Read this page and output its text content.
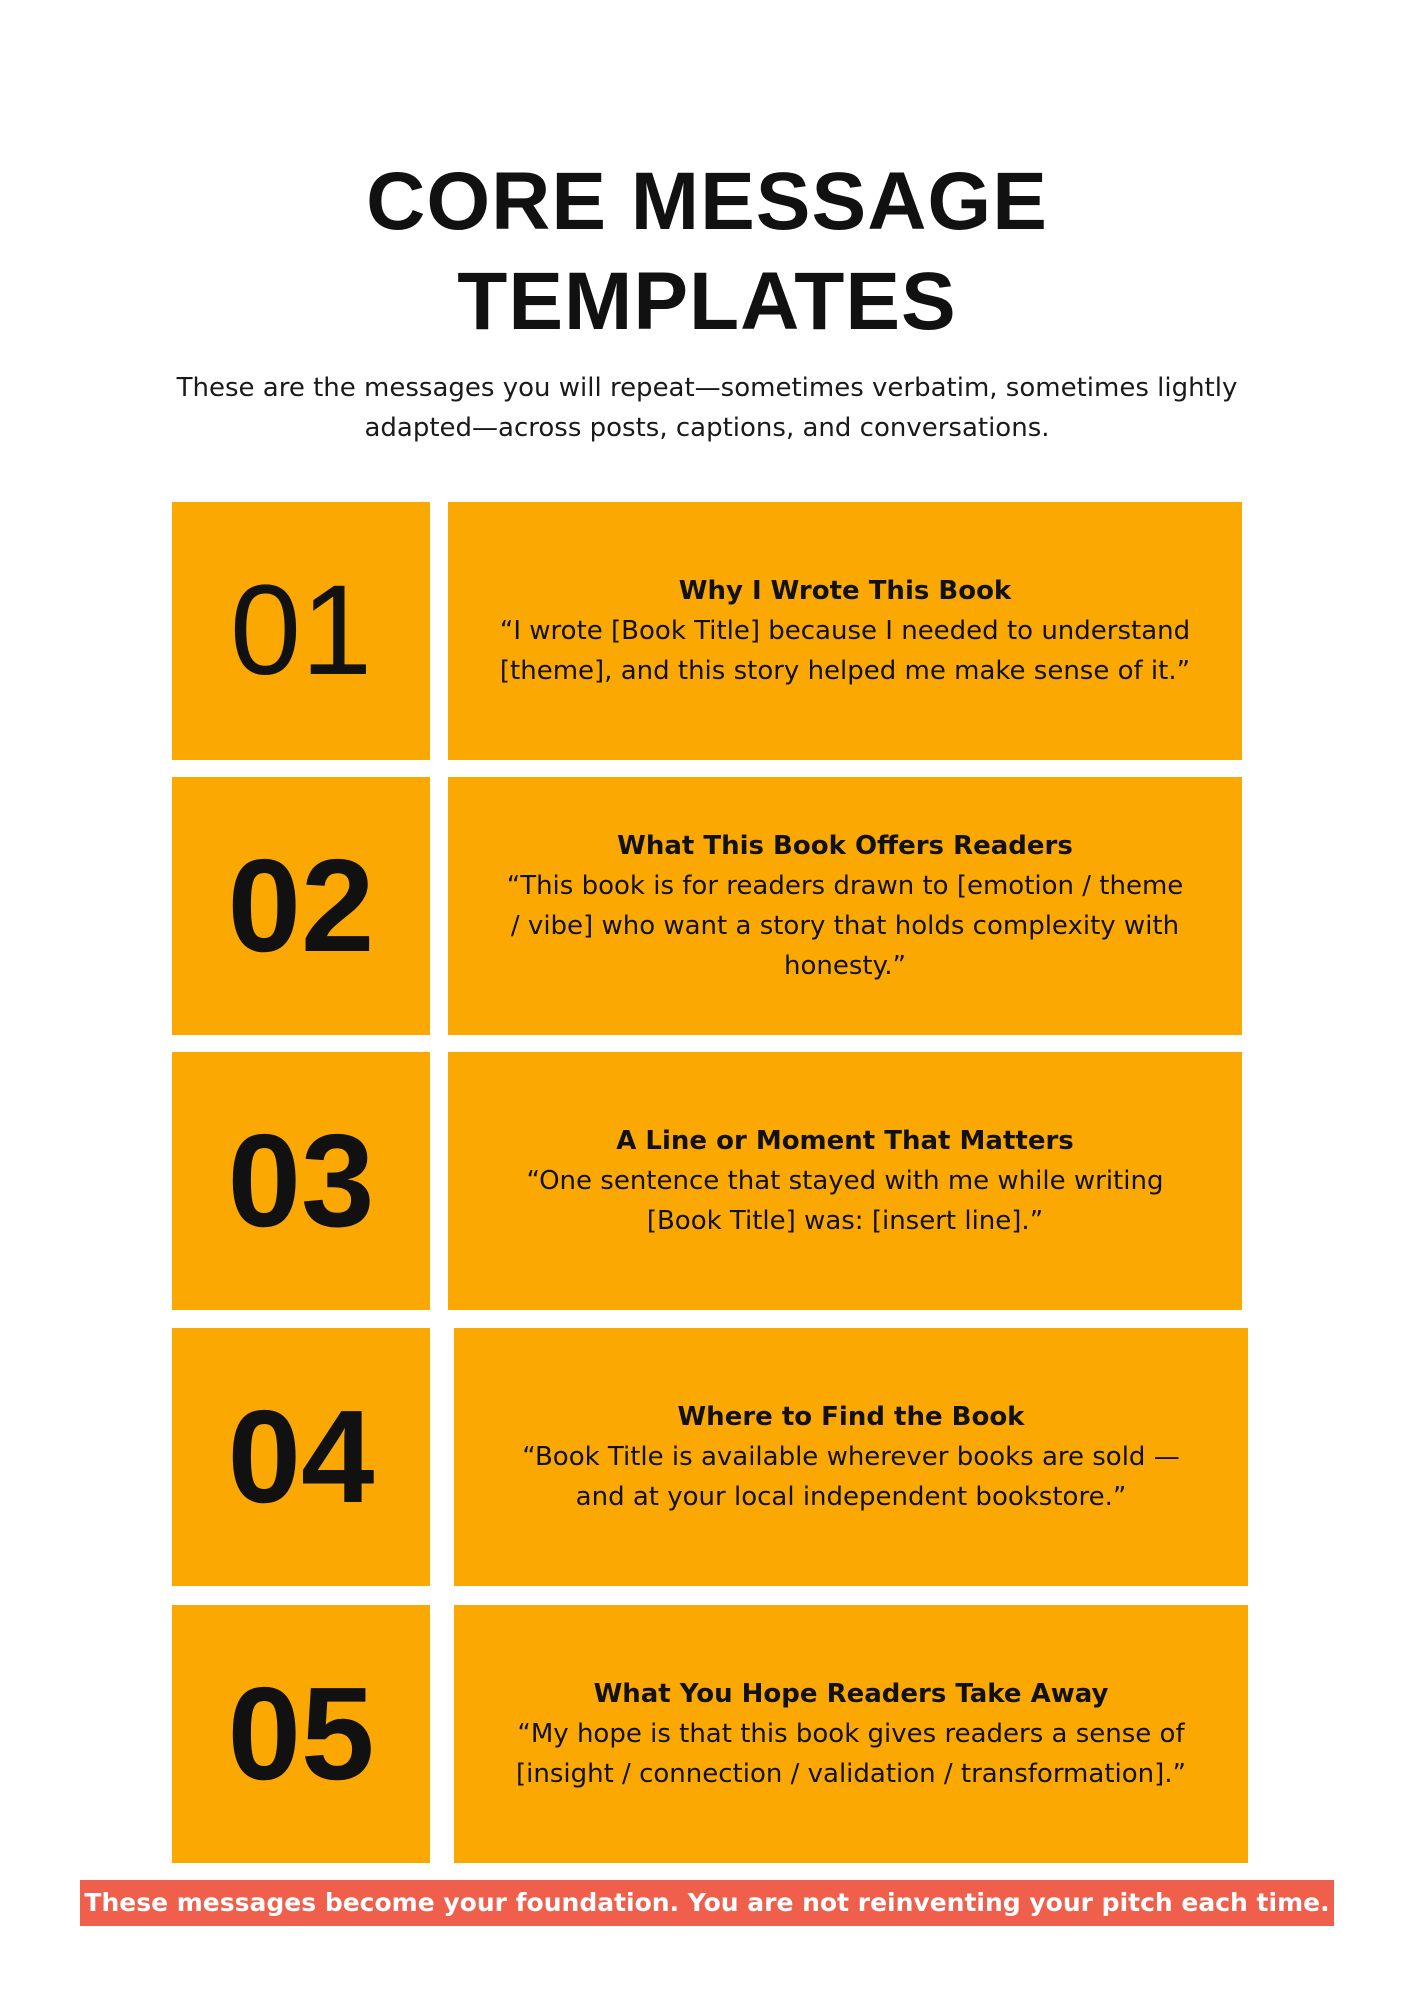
CORE MESSAGE
TEMPLATES

These are the messages you will repeat—sometimes verbatim, sometimes lightly
adapted—across posts, captions, and conversations.

01	Why I Wrote This Book
“I wrote [Book Title] because I needed to understand
[theme], and this story helped me make sense of it.”
02	What This Book Offers Readers
“This book is for readers drawn to [emotion / theme
/ vibe] who want a story that holds complexity with
honesty.”
03	A Line or Moment That Matters
“One sentence that stayed with me while writing
[Book Title] was: [insert line].”
04	Where to Find the Book
“Book Title is available wherever books are sold —
and at your local independent bookstore.”
05	What You Hope Readers Take Away
“My hope is that this book gives readers a sense of
[insight / connection / validation / transformation].”
These messages become your foundation. You are not reinventing your pitch each time.
